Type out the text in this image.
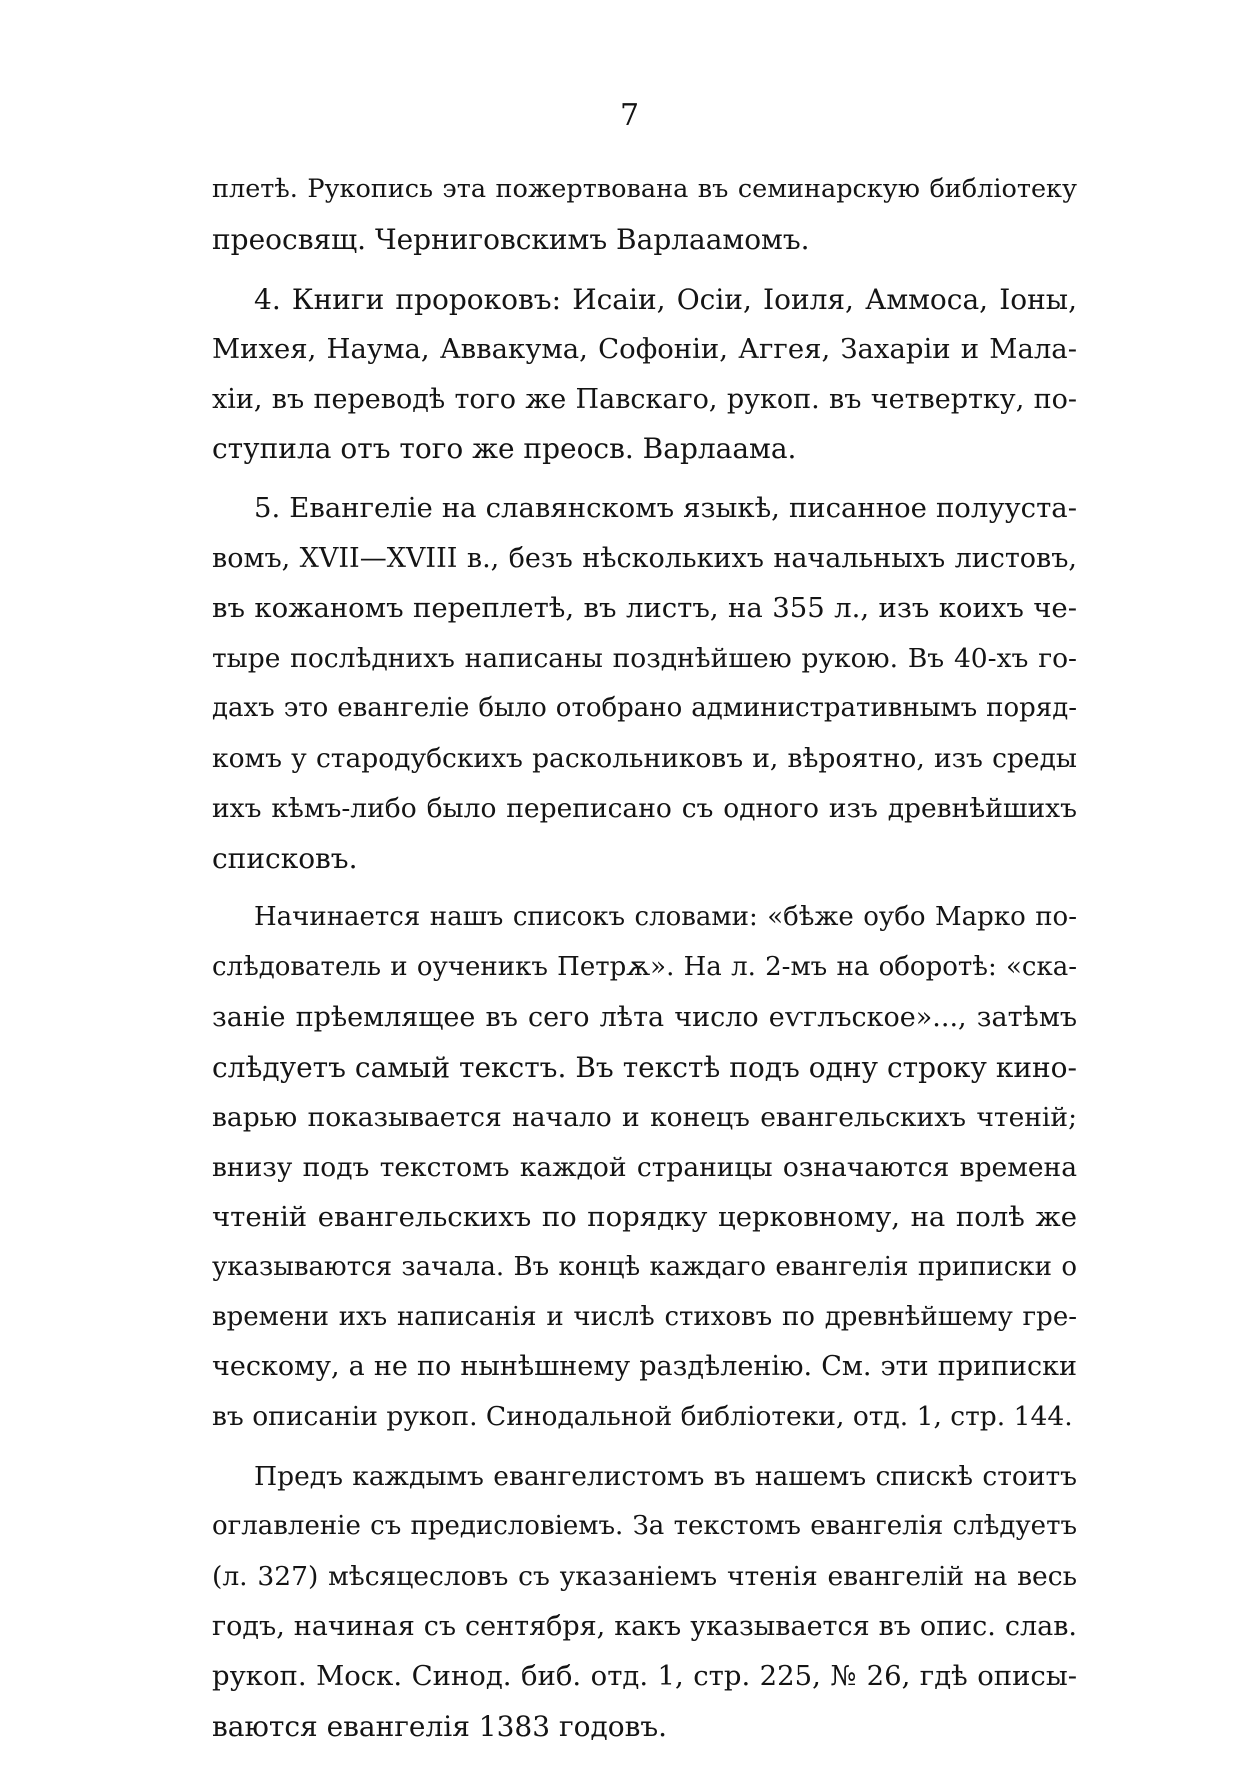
7
плетѣ. Рукопись эта пожертвована въ семинарскую библіотеку
преосвящ. Черниговскимъ Варлаамомъ.
4. Книги пророковъ: Исаіи, Осіи, Іоиля, Аммоса, Іоны,
Михея, Наума, Аввакума, Софоніи, Аггея, Захаріи и Мала-
хіи, въ переводѣ того же Павскаго, рукоп. въ четвертку, по-
ступила отъ того же преосв. Варлаама.
5. Евангеліе на славянскомъ языкѣ, писанное полууста-
вомъ, XVII—XVIII в., безъ нѣсколькихъ начальныхъ листовъ,
въ кожаномъ переплетѣ, въ листъ, на 355 л., изъ коихъ че-
тыре послѣднихъ написаны позднѣйшею рукою. Въ 40-хъ го-
дахъ это евангеліе было отобрано административнымъ поряд-
комъ у стародубскихъ раскольниковъ и, вѣроятно, изъ среды
ихъ кѣмъ-либо было переписано съ одного изъ древнѣйшихъ
списковъ.
Начинается нашъ списокъ словами: «бѣже оубо Марко по-
слѣдователь и оученикъ Петрѫ». На л. 2-мъ на оборотѣ: «ска-
заніе прѣемлящее въ сего лѣта число еѵглъское»..., затѣмъ
слѣдуетъ самый текстъ. Въ текстѣ подъ одну строку кино-
варью показывается начало и конецъ евангельскихъ чтеній;
внизу подъ текстомъ каждой страницы означаются времена
чтеній евангельскихъ по порядку церковному, на полѣ же
указываются зачала. Въ концѣ каждаго евангелія приписки о
времени ихъ написанія и числѣ стиховъ по древнѣйшему гре-
ческому, а не по нынѣшнему раздѣленію. См. эти приписки
въ описаніи рукоп. Синодальной библіотеки, отд. 1, стр. 144.
Предъ каждымъ евангелистомъ въ нашемъ спискѣ стоитъ
оглавленіе съ предисловіемъ. За текстомъ евангелія слѣдуетъ
(л. 327) мѣсяцесловъ съ указаніемъ чтенія евангелій на весь
годъ, начиная съ сентября, какъ указывается въ опис. слав.
рукоп. Моск. Синод. биб. отд. 1, стр. 225, № 26, гдѣ описы-
ваются евангелія 1383 годовъ.
